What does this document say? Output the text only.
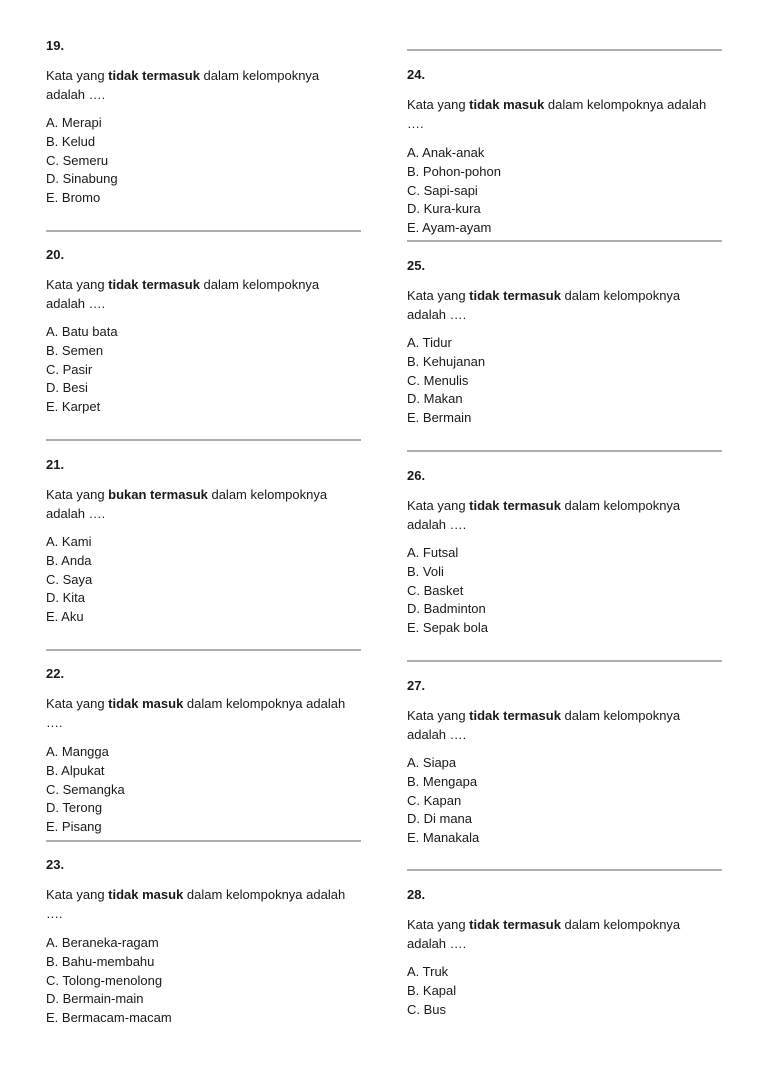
19.
Kata yang tidak termasuk dalam kelompoknya adalah ….
A. Merapi
B. Kelud
C. Semeru
D. Sinabung
E. Bromo
20.
Kata yang tidak termasuk dalam kelompoknya adalah ….
A. Batu bata
B. Semen
C. Pasir
D. Besi
E. Karpet
21.
Kata yang bukan termasuk dalam kelompoknya adalah ….
A. Kami
B. Anda
C. Saya
D. Kita
E. Aku
22.
Kata yang tidak masuk dalam kelompoknya adalah ….
A. Mangga
B. Alpukat
C. Semangka
D. Terong
E. Pisang
23.
Kata yang tidak masuk dalam kelompoknya adalah ….
A. Beraneka-ragam
B. Bahu-membahu
C. Tolong-menolong
D. Bermain-main
E. Bermacam-macam
24.
Kata yang tidak masuk dalam kelompoknya adalah ….
A. Anak-anak
B. Pohon-pohon
C. Sapi-sapi
D. Kura-kura
E. Ayam-ayam
25.
Kata yang tidak termasuk dalam kelompoknya adalah ….
A. Tidur
B. Kehujanan
C. Menulis
D. Makan
E. Bermain
26.
Kata yang tidak termasuk dalam kelompoknya adalah ….
A. Futsal
B. Voli
C. Basket
D. Badminton
E. Sepak bola
27.
Kata yang tidak termasuk dalam kelompoknya adalah ….
A. Siapa
B. Mengapa
C. Kapan
D. Di mana
E. Manakala
28.
Kata yang tidak termasuk dalam kelompoknya adalah ….
A. Truk
B. Kapal
C. Bus
